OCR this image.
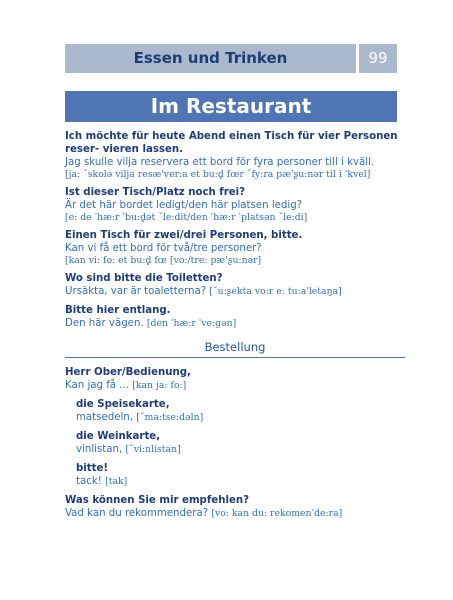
Essen und Trinken	99
Im Restaurant
Ich möchte für heute Abend einen Tisch für vier Personen reser- vieren lassen.
Jag skulle vilja reservera ett bord för fyra personer till i kväll.
[ja: ˇskolə vilja resæ'ver:a et bu:d̥ fœr ˇfy:ra pæ'ʂu:nər til i ˈkvel]
Ist dieser Tisch/Platz noch frei?
Är det här bordet ledigt/den här platsen ledig?
[e: de ˈhæ:r ˈbu:d̥ət ˇle:dit/den ˈhæ:r ˈplatsən ˇle:di]
Einen Tisch für zwei/drei Personen, bitte.
Kan vi få ett bord för två/tre personer?
[kan vi: fo: et bu:d̥ fœ [vo:/tre: pæ'ʂu:nər]
Wo sind bitte die Toiletten?
Ursäkta, var är toaletterna? [ˇu:ʂekta vo:r e: tu:aˈletaŋa]
Bitte hier entlang.
Den här vägen. [den ˈhæ:r ˈve:gən]
Bestellung
Herr Ober/Bedienung,
Kan jag få ... [kan ja: fo:]
die Speisekarte,
matsedeln, [ˇma:tse:dəln]
die Weinkarte,
vinlistan, [ˇvi:nlistan]
bitte!
tack! [tak]
Was können Sie mir empfehlen?
Vad kan du rekommendera? [vo: kan du: rekomenˈde:ra]
